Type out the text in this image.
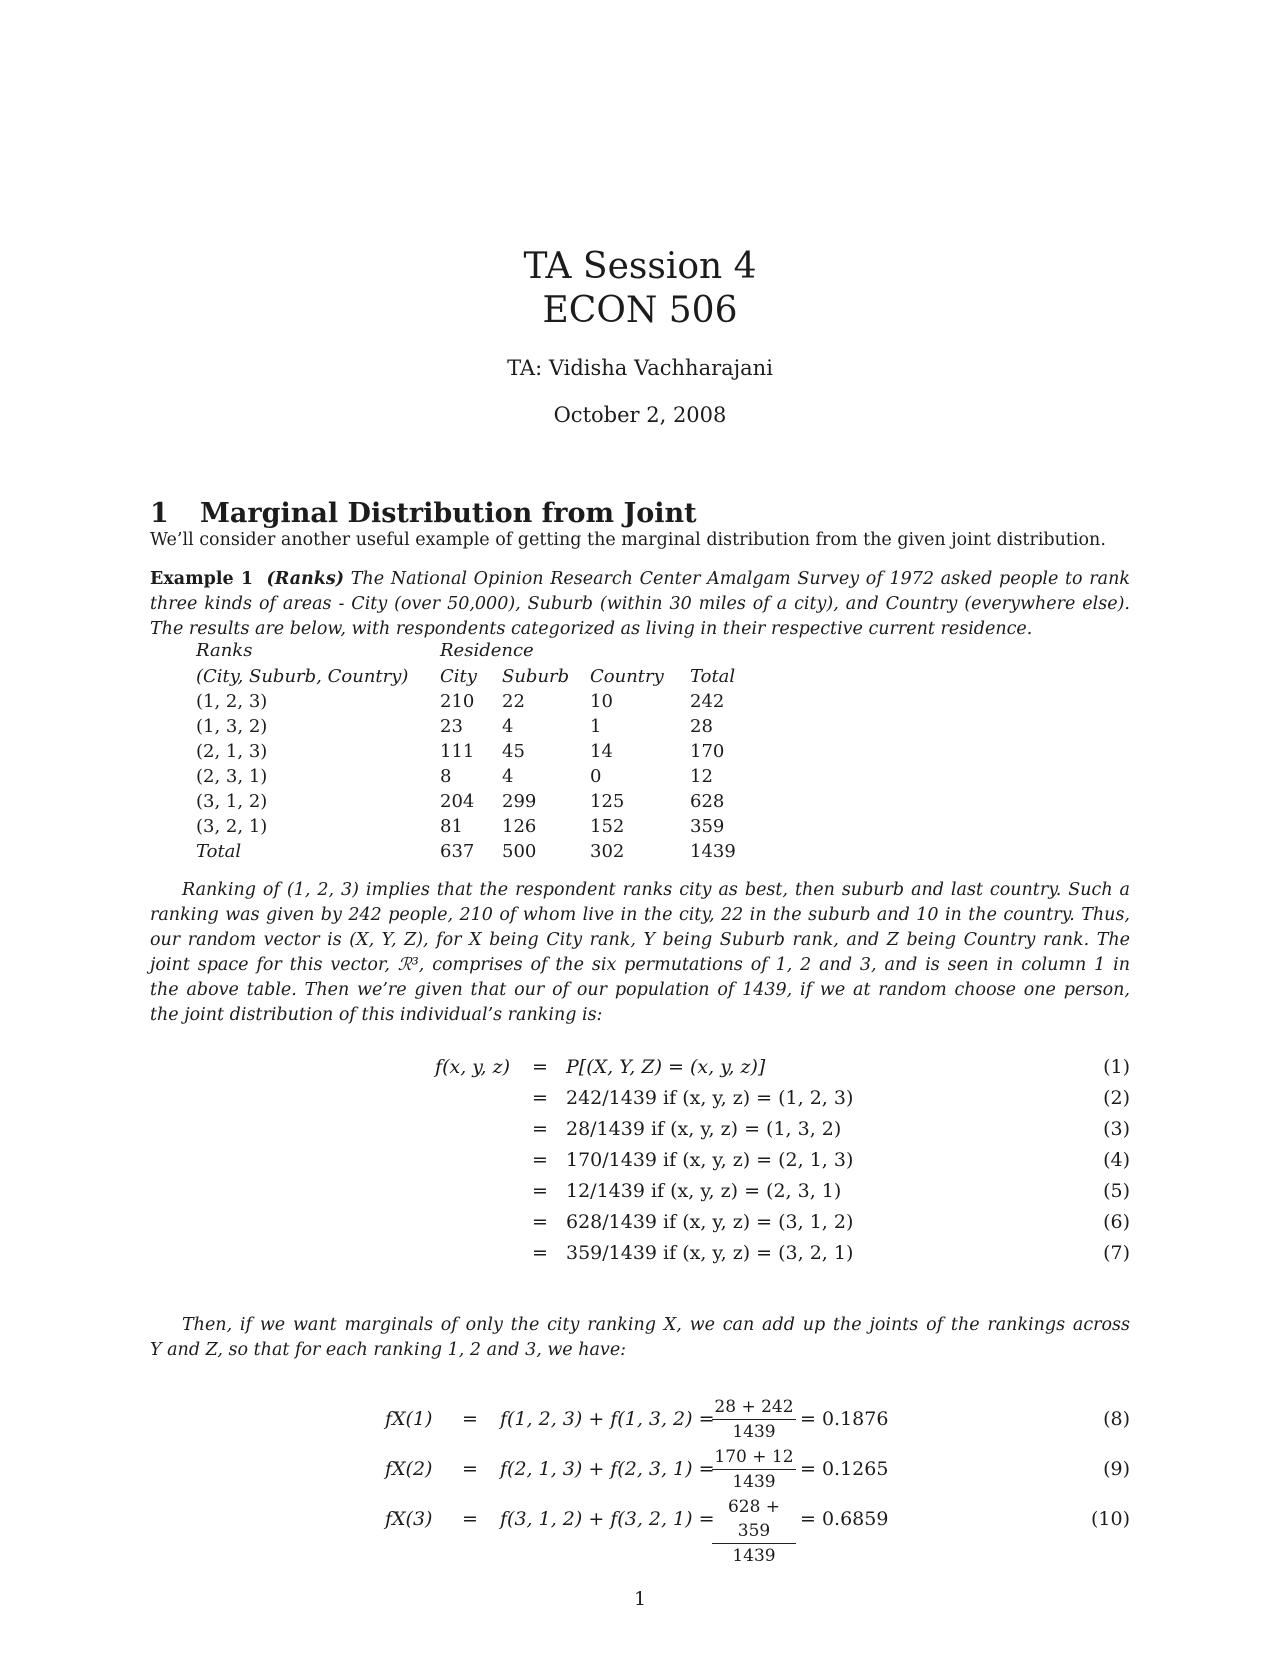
TA Session 4
ECON 506
TA: Vidisha Vachharajani
October 2, 2008
1 Marginal Distribution from Joint
We’ll consider another useful example of getting the marginal distribution from the given joint distribution.
Example 1 (Ranks) The National Opinion Research Center Amalgam Survey of 1972 asked people to rank
three kinds of areas - City (over 50,000), Suburb (within 30 miles of a city), and Country (everywhere else).
The results are below, with respondents categorized as living in their respective current residence.
Ranks	Residence
(City, Suburb, Country)	City	Suburb	Country	Total
(1, 2, 3)	210	22	10	242
(1, 3, 2)	23	4	1	28
(2, 1, 3)	111	45	14	170
(2, 3, 1)	8	4	0	12
(3, 1, 2)	204	299	125	628
(3, 2, 1)	81	126	152	359
Total	637	500	302	1439
Ranking of (1, 2, 3) implies that the respondent ranks city as best, then suburb and last country. Such a
ranking was given by 242 people, 210 of whom live in the city, 22 in the suburb and 10 in the country. Thus,
our random vector is (X, Y, Z), for X being City rank, Y being Suburb rank, and Z being Country rank. The
joint space for this vector, ℛ³, comprises of the six permutations of 1, 2 and 3, and is seen in column 1 in
the above table. Then we’re given that our of our population of 1439, if we at random choose one person,
the joint distribution of this individual’s ranking is:
f(x, y, z) = P[(X, Y, Z) = (x, y, z)]	(1)
= 242/1439 if (x, y, z) = (1, 2, 3)	(2)
= 28/1439 if (x, y, z) = (1, 3, 2)	(3)
= 170/1439 if (x, y, z) = (2, 1, 3)	(4)
= 12/1439 if (x, y, z) = (2, 3, 1)	(5)
= 628/1439 if (x, y, z) = (3, 1, 2)	(6)
= 359/1439 if (x, y, z) = (3, 2, 1)	(7)
Then, if we want marginals of only the city ranking X, we can add up the joints of the rankings across
Y and Z, so that for each ranking 1, 2 and 3, we have:
fX(1) = f(1, 2, 3) + f(1, 3, 2) =
$\frac{28 + 242}{1439} = 0.1876$	(8)
fX(2) = f(2, 1, 3) + f(2, 3, 1) =
$\frac{170 + 12}{1439} = 0.1265$	(9)
fX(3) = f(3, 1, 2) + f(3, 2, 1) =
$\frac{628 + 359}{1439} = 0.6859$	(10)
1
